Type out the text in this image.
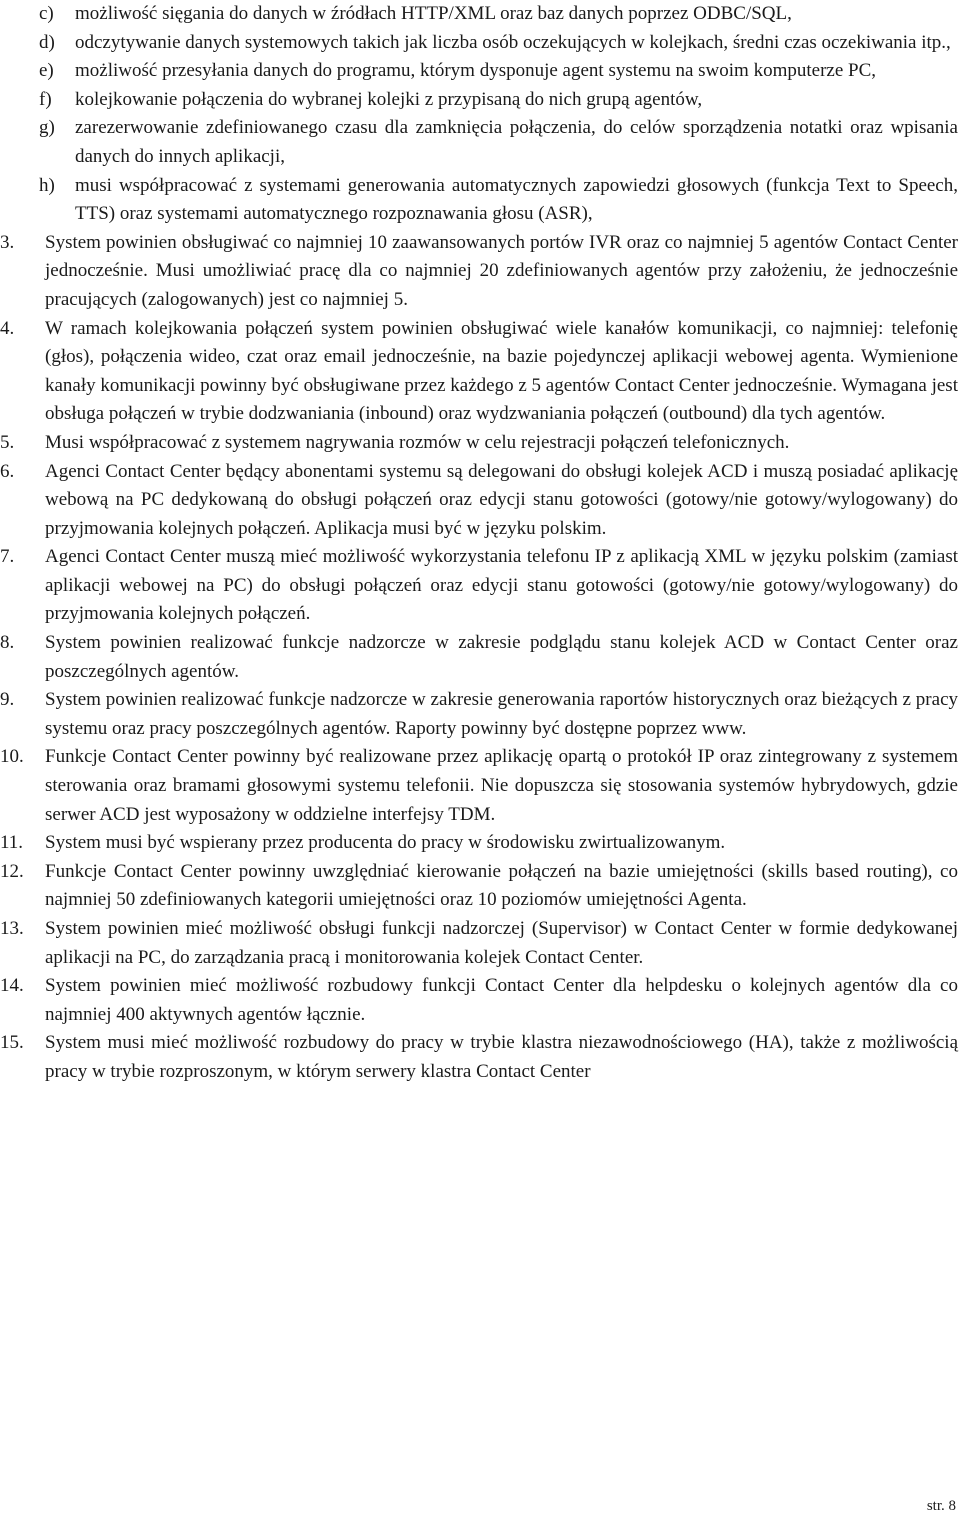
c) możliwość sięgania do danych w źródłach HTTP/XML oraz baz danych poprzez ODBC/SQL,
d) odczytywanie danych systemowych takich jak liczba osób oczekujących w kolejkach, średni czas oczekiwania itp.,
e) możliwość przesyłania danych do programu, którym dysponuje agent systemu na swoim komputerze PC,
f) kolejkowanie połączenia do wybranej kolejki z przypisaną do nich grupą agentów,
g) zarezerwowanie zdefiniowanego czasu dla zamknięcia połączenia, do celów sporządzenia notatki oraz wpisania danych do innych aplikacji,
h) musi współpracować z systemami generowania automatycznych zapowiedzi głosowych (funkcja Text to Speech, TTS) oraz systemami automatycznego rozpoznawania głosu (ASR),
3. System powinien obsługiwać co najmniej 10 zaawansowanych portów IVR oraz co najmniej 5 agentów Contact Center jednocześnie. Musi umożliwiać pracę dla co najmniej 20 zdefiniowanych agentów przy założeniu, że jednocześnie pracujących (zalogowanych) jest co najmniej 5.
4. W ramach kolejkowania połączeń system powinien obsługiwać wiele kanałów komunikacji, co najmniej: telefonię (głos), połączenia wideo, czat oraz email jednocześnie, na bazie pojedynczej aplikacji webowej agenta. Wymienione kanały komunikacji powinny być obsługiwane przez każdego z 5 agentów Contact Center jednocześnie. Wymagana jest obsługa połączeń w trybie dodzwaniania (inbound) oraz wydzwaniania połączeń (outbound) dla tych agentów.
5. Musi współpracować z systemem nagrywania rozmów w celu rejestracji połączeń telefonicznych.
6. Agenci Contact Center będący abonentami systemu są delegowani do obsługi kolejek ACD i muszą posiadać aplikację webową na PC dedykowaną do obsługi połączeń oraz edycji stanu gotowości (gotowy/nie gotowy/wylogowany) do przyjmowania kolejnych połączeń. Aplikacja musi być w języku polskim.
7. Agenci Contact Center muszą mieć możliwość wykorzystania telefonu IP z aplikacją XML w języku polskim (zamiast aplikacji webowej na PC) do obsługi połączeń oraz edycji stanu gotowości (gotowy/nie gotowy/wylogowany) do przyjmowania kolejnych połączeń.
8. System powinien realizować funkcje nadzorcze w zakresie podglądu stanu kolejek ACD w Contact Center oraz poszczególnych agentów.
9. System powinien realizować funkcje nadzorcze w zakresie generowania raportów historycznych oraz bieżących z pracy systemu oraz pracy poszczególnych agentów. Raporty powinny być dostępne poprzez www.
10. Funkcje Contact Center powinny być realizowane przez aplikację opartą o protokół IP oraz zintegrowany z systemem sterowania oraz bramami głosowymi systemu telefonii. Nie dopuszcza się stosowania systemów hybrydowych, gdzie serwer ACD jest wyposażony w oddzielne interfejsy TDM.
11. System musi być wspierany przez producenta do pracy w środowisku zwirtualizowanym.
12. Funkcje Contact Center powinny uwzględniać kierowanie połączeń na bazie umiejętności (skills based routing), co najmniej 50 zdefiniowanych kategorii umiejętności oraz 10 poziomów umiejętności Agenta.
13. System powinien mieć możliwość obsługi funkcji nadzorczej (Supervisor) w Contact Center w formie dedykowanej aplikacji na PC, do zarządzania pracą i monitorowania kolejek Contact Center.
14. System powinien mieć możliwość rozbudowy funkcji Contact Center dla helpdesku o kolejnych agentów dla co najmniej 400 aktywnych agentów łącznie.
15. System musi mieć możliwość rozbudowy do pracy w trybie klastra niezawodnościowego (HA), także z możliwością pracy w trybie rozproszonym, w którym serwery klastra Contact Center
str. 8
